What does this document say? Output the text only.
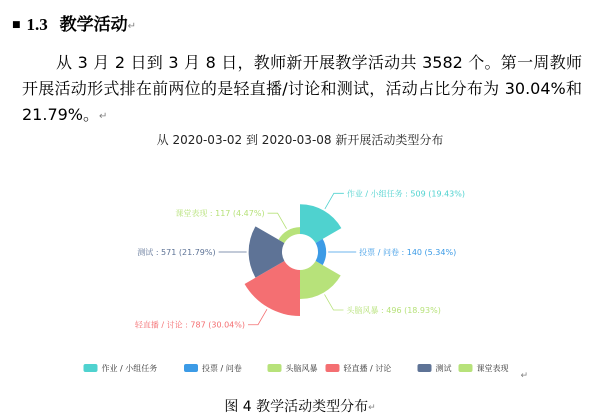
■ 1.3 教学活动↵
从 3 月 2 日到 3 月 8 日，教师新开展教学活动共 3582 个。第一周教师开展活动形式排在前两位的是轻直播/讨论和测试，活动占比分布为 30.04%和 21.79%。↵
从 2020-03-02 到 2020-03-08 新开展活动类型分布
作业 / 小组任务 : 509 (19.43%)
投票 / 问卷 : 140 (5.34%)
头脑风暴 : 496 (18.93%)
轻直播 / 讨论 : 787 (30.04%)
测试 : 571 (21.79%)
课堂表现 : 117 (4.47%)
作业 / 小组任务	投票 / 问卷	头脑风暴	轻直播 / 讨论	测试	课堂表现
↵
图 4 教学活动类型分布↵
